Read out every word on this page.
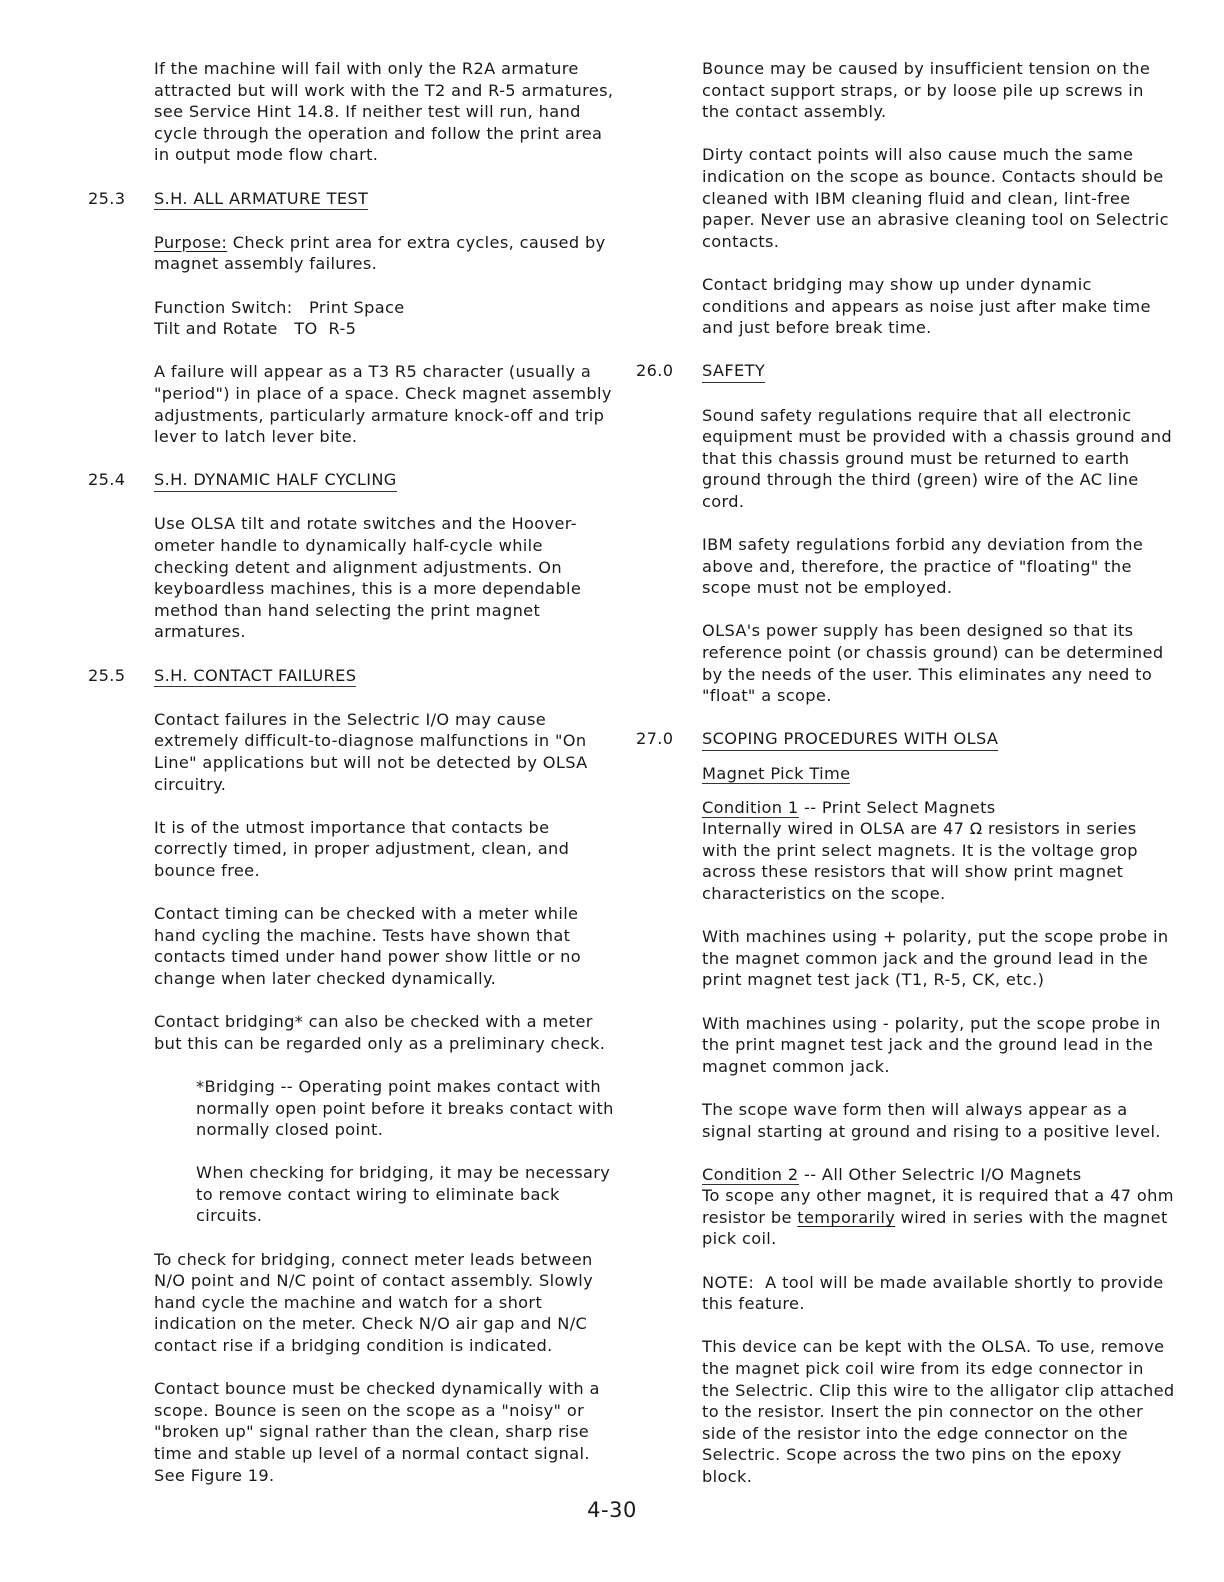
If the machine will fail with only the R2A armature attracted but will work with the T2 and R-5 armatures, see Service Hint 14.8. If neither test will run, hand cycle through the operation and follow the print area in output mode flow chart.

25.3	S.H. ALL ARMATURE TEST

Purpose: Check print area for extra cycles, caused by magnet assembly failures.

Function Switch:   Print Space
Tilt and Rotate   TO  R-5

A failure will appear as a T3 R5 character (usually a "period") in place of a space. Check magnet assembly adjustments, particularly armature knock-off and trip lever to latch lever bite.

25.4	S.H. DYNAMIC HALF CYCLING

Use OLSA tilt and rotate switches and the Hoover-ometer handle to dynamically half-cycle while checking detent and alignment adjustments. On keyboardless machines, this is a more dependable method than hand selecting the print magnet armatures.

25.5	S.H. CONTACT FAILURES

Contact failures in the Selectric I/O may cause extremely difficult-to-diagnose malfunctions in "On Line" applications but will not be detected by OLSA circuitry.

It is of the utmost importance that contacts be correctly timed, in proper adjustment, clean, and bounce free.

Contact timing can be checked with a meter while hand cycling the machine. Tests have shown that contacts timed under hand power show little or no change when later checked dynamically.

Contact bridging* can also be checked with a meter but this can be regarded only as a preliminary check.

*Bridging -- Operating point makes contact with normally open point before it breaks contact with normally closed point.

When checking for bridging, it may be necessary to remove contact wiring to eliminate back circuits.

To check for bridging, connect meter leads between N/O point and N/C point of contact assembly. Slowly hand cycle the machine and watch for a short indication on the meter. Check N/O air gap and N/C contact rise if a bridging condition is indicated.

Contact bounce must be checked dynamically with a scope. Bounce is seen on the scope as a "noisy" or "broken up" signal rather than the clean, sharp rise time and stable up level of a normal contact signal. See Figure 19.

Bounce may be caused by insufficient tension on the contact support straps, or by loose pile up screws in the contact assembly.

Dirty contact points will also cause much the same indication on the scope as bounce. Contacts should be cleaned with IBM cleaning fluid and clean, lint-free paper. Never use an abrasive cleaning tool on Selectric contacts.

Contact bridging may show up under dynamic conditions and appears as noise just after make time and just before break time.

26.0	SAFETY

Sound safety regulations require that all electronic equipment must be provided with a chassis ground and that this chassis ground must be returned to earth ground through the third (green) wire of the AC line cord.

IBM safety regulations forbid any deviation from the above and, therefore, the practice of "floating" the scope must not be employed.

OLSA's power supply has been designed so that its reference point (or chassis ground) can be determined by the needs of the user. This eliminates any need to "float" a scope.

27.0	SCOPING PROCEDURES WITH OLSA

Magnet Pick Time

Condition 1 -- Print Select Magnets
Internally wired in OLSA are 47 Ω resistors in series with the print select magnets. It is the voltage grop across these resistors that will show print magnet characteristics on the scope.

With machines using + polarity, put the scope probe in the magnet common jack and the ground lead in the print magnet test jack (T1, R-5, CK, etc.)

With machines using - polarity, put the scope probe in the print magnet test jack and the ground lead in the magnet common jack.

The scope wave form then will always appear as a signal starting at ground and rising to a positive level.

Condition 2 -- All Other Selectric I/O Magnets
To scope any other magnet, it is required that a 47 ohm resistor be temporarily wired in series with the magnet pick coil.

NOTE:  A tool will be made available shortly to provide this feature.

This device can be kept with the OLSA. To use, remove the magnet pick coil wire from its edge connector in the Selectric. Clip this wire to the alligator clip attached to the resistor. Insert the pin connector on the other side of the resistor into the edge connector on the Selectric. Scope across the two pins on the epoxy block.

4-30
